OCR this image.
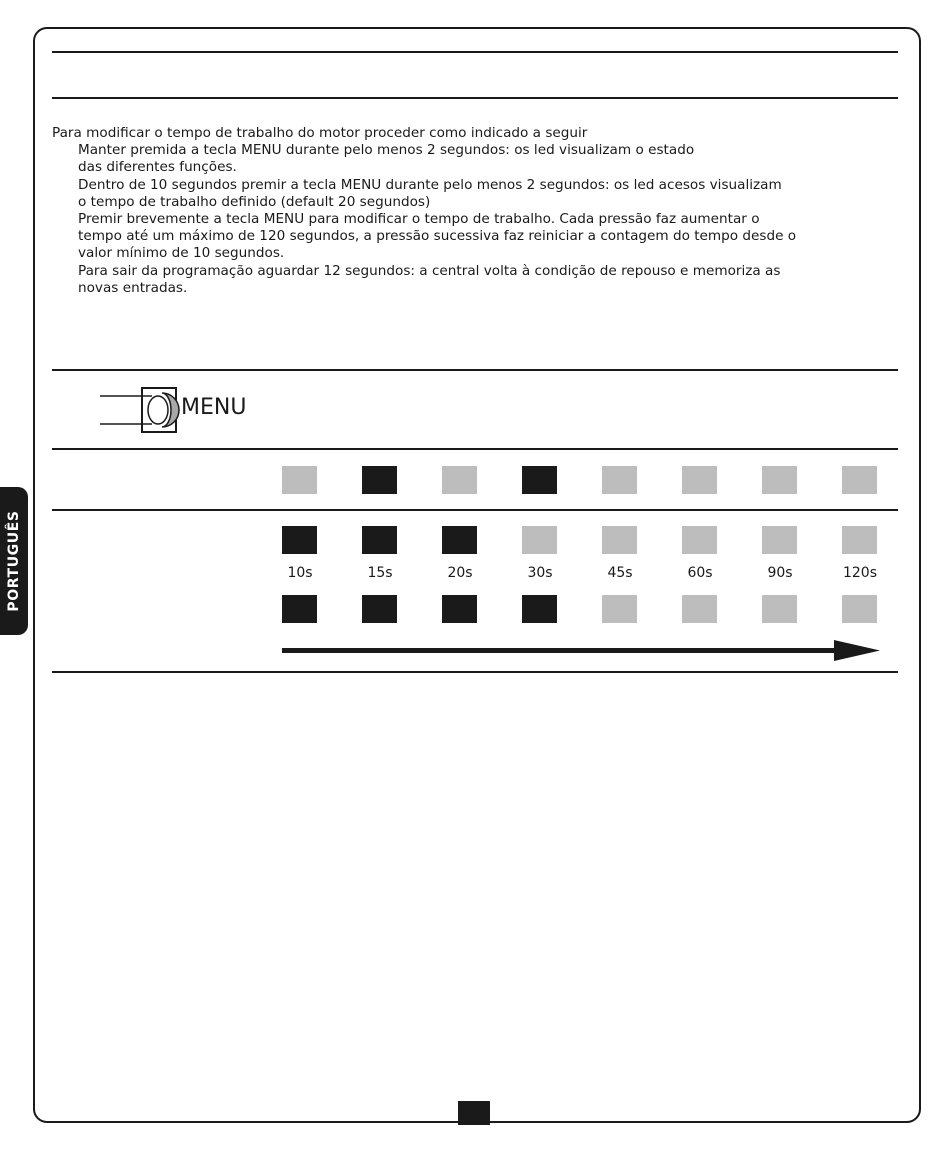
PORTUGUÊS

Para modificar o tempo de trabalho do motor proceder como indicado a seguir

Manter premida a tecla MENU durante pelo menos 2 segundos: os led visualizam o estado

das diferentes funções.

Dentro de 10 segundos premir a tecla MENU durante pelo menos 2 segundos: os led acesos visualizam

o tempo de trabalho definido (default 20 segundos)

Premir brevemente a tecla MENU para modificar o tempo de trabalho. Cada pressão faz aumentar o

tempo até um máximo de 120 segundos, a pressão sucessiva faz reiniciar a contagem do tempo desde o

valor mínimo de 10 segundos.

Para sair da programação aguardar 12 segundos: a central volta à condição de repouso e memoriza as

novas entradas.

MENU
10s	15s	20s	30s	45s	60s	90s	120s
